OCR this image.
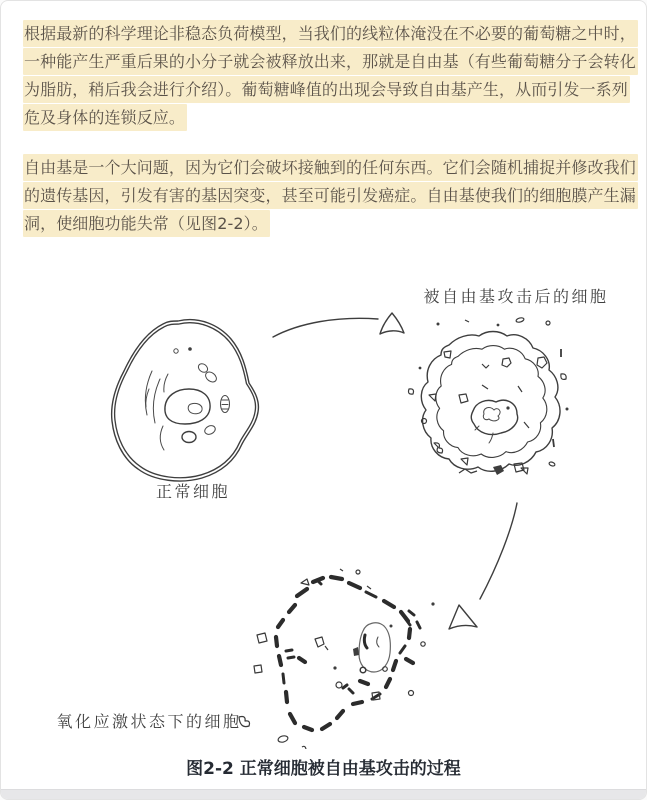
根据最新的科学理论非稳态负荷模型，当我们的线粒体淹没在不必要的葡萄糖之中时，
一种能产生严重后果的小分子就会被释放出来，那就是自由基（有些葡萄糖分子会转化
为脂肪，稍后我会进行介绍）。葡萄糖峰值的出现会导致自由基产生，从而引发一系列
危及身体的连锁反应。
自由基是一个大问题，因为它们会破坏接触到的任何东西。它们会随机捕捉并修改我们
的遗传基因，引发有害的基因突变，甚至可能引发癌症。自由基使我们的细胞膜产生漏
洞，使细胞功能失常（见图2-2）。
正常细胞
被自由基攻击后的细胞
氧化应激状态下的细胞
图2-2 正常细胞被自由基攻击的过程
